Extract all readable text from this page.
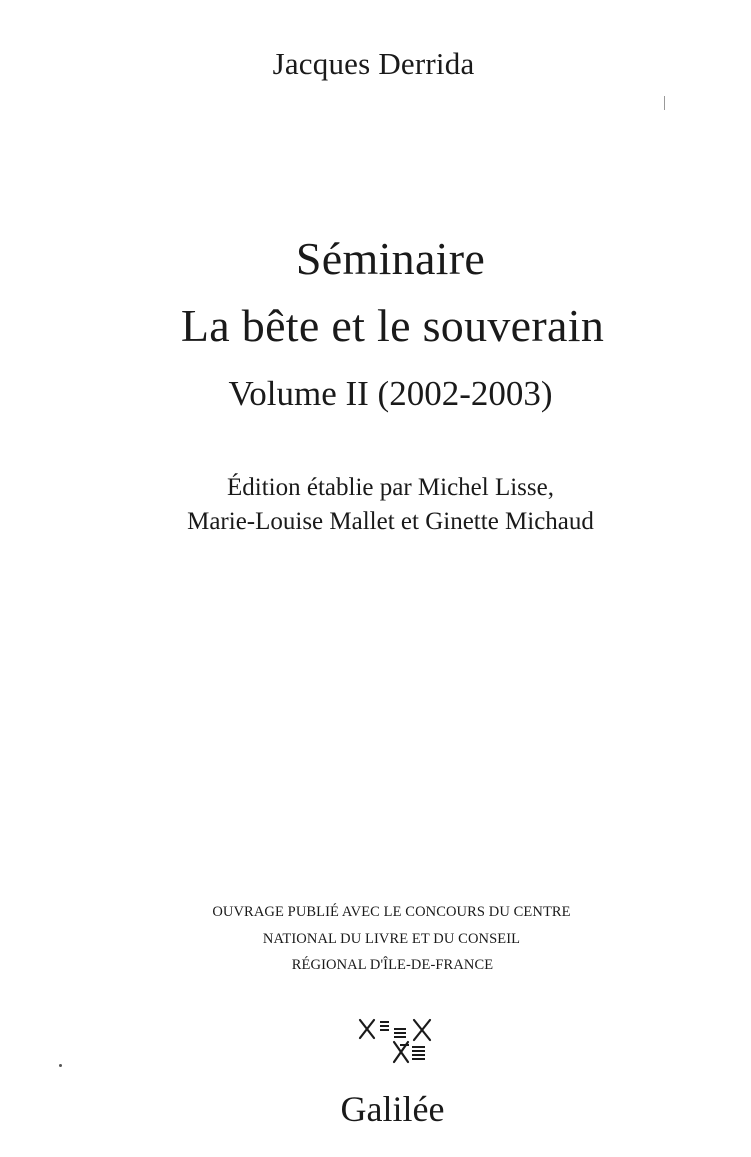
Jacques Derrida
Séminaire
La bête et le souverain
Volume II (2002-2003)
Édition établie par Michel Lisse,
Marie-Louise Mallet et Ginette Michaud
OUVRAGE PUBLIÉ AVEC LE CONCOURS DU CENTRE
NATIONAL DU LIVRE ET DU CONSEIL
RÉGIONAL D'ÎLE-DE-FRANCE
Galilée
